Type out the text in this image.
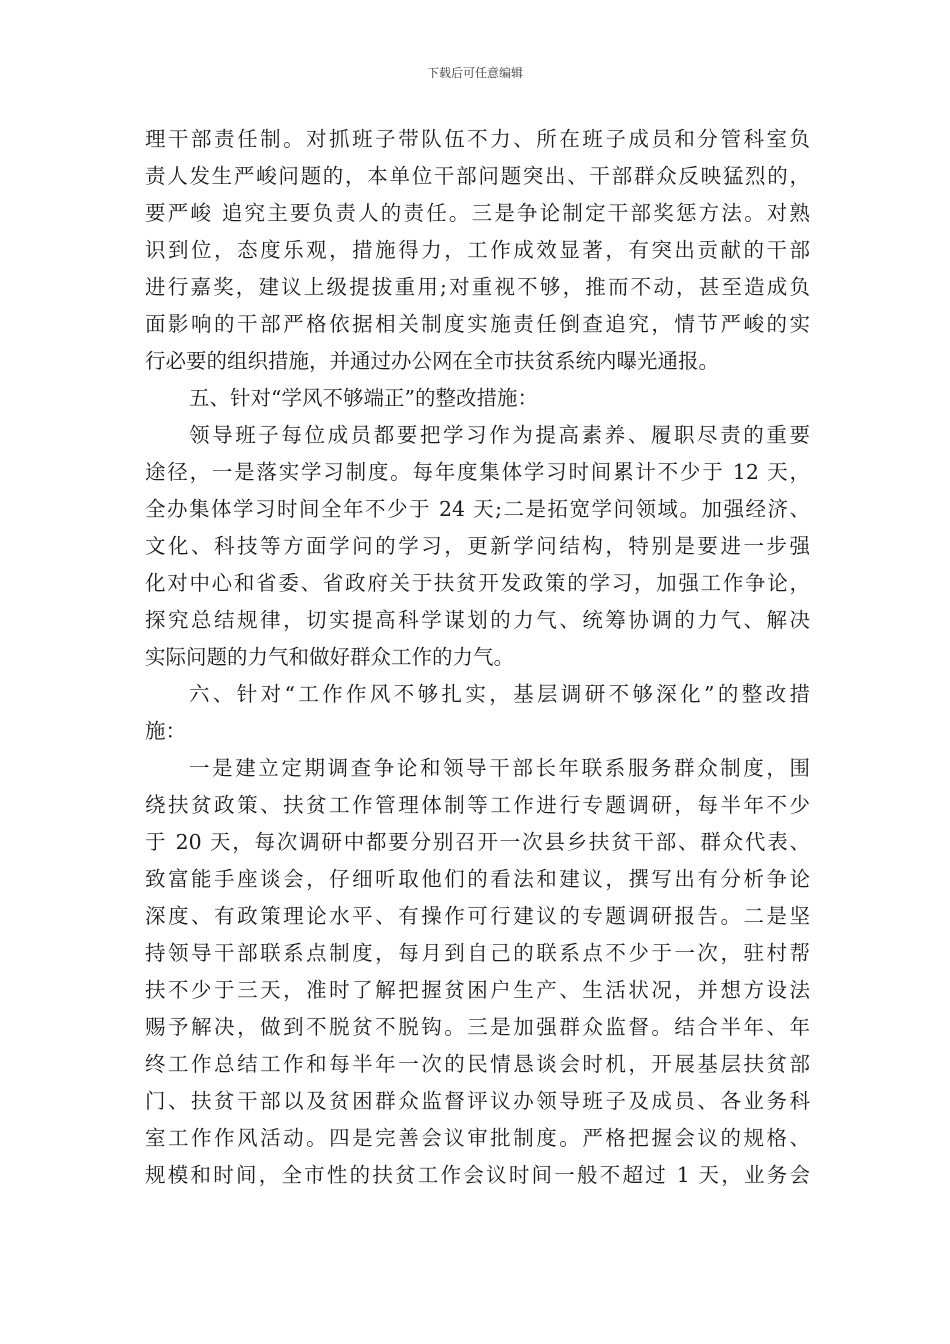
下载后可任意编辑
理干部责任制。对抓班子带队伍不力、所在班子成员和分管科室负
责人发生严峻问题的，本单位干部问题突出、干部群众反映猛烈的，
要严峻 追究主要负责人的责任。三是争论制定干部奖惩方法。对熟
识到位，态度乐观，措施得力，工作成效显著，有突出贡献的干部
进行嘉奖，建议上级提拔重用;对重视不够，推而不动，甚至造成负
面影响的干部严格依据相关制度实施责任倒查追究，情节严峻的实
行必要的组织措施，并通过办公网在全市扶贫系统内曝光通报。
五、针对“学风不够端正”的整改措施：
领导班子每位成员都要把学习作为提高素养、履职尽责的重要
途径，一是落实学习制度。每年度集体学习时间累计不少于 12 天，
全办集体学习时间全年不少于 24 天;二是拓宽学问领域。加强经济、
文化、科技等方面学问的学习，更新学问结构，特别是要进一步强
化对中心和省委、省政府关于扶贫开发政策的学习，加强工作争论，
探究总结规律，切实提高科学谋划的力气、统筹协调的力气、解决
实际问题的力气和做好群众工作的力气。
六、针对“工作作风不够扎实，基层调研不够深化”的整改措
施：
一是建立定期调查争论和领导干部长年联系服务群众制度，围
绕扶贫政策、扶贫工作管理体制等工作进行专题调研，每半年不少
于 20 天，每次调研中都要分别召开一次县乡扶贫干部、群众代表、
致富能手座谈会，仔细听取他们的看法和建议，撰写出有分析争论
深度、有政策理论水平、有操作可行建议的专题调研报告。二是坚
持领导干部联系点制度，每月到自己的联系点不少于一次，驻村帮
扶不少于三天，准时了解把握贫困户生产、生活状况，并想方设法
赐予解决，做到不脱贫不脱钩。三是加强群众监督。结合半年、年
终工作总结工作和每半年一次的民情恳谈会时机，开展基层扶贫部
门、扶贫干部以及贫困群众监督评议办领导班子及成员、各业务科
室工作作风活动。四是完善会议审批制度。严格把握会议的规格、
规模和时间，全市性的扶贫工作会议时间一般不超过 1 天，业务会
